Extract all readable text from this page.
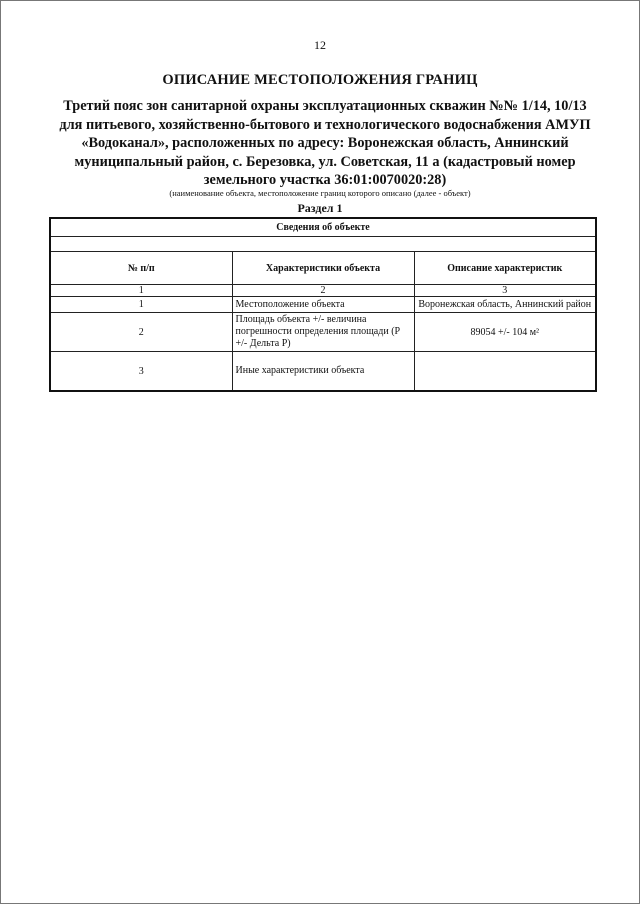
12
ОПИСАНИЕ МЕСТОПОЛОЖЕНИЯ ГРАНИЦ
Третий пояс зон санитарной охраны эксплуатационных скважин №№ 1/14, 10/13 для питьевого, хозяйственно-бытового и технологического водоснабжения АМУП «Водоканал», расположенных по адресу: Воронежская область, Аннинский муниципальный район, с. Березовка, ул. Советская, 11 а (кадастровый номер земельного участка 36:01:0070020:28)
(наименование объекта, местоположение границ которого описано (далее - объект)
Раздел 1
Сведения об объекте		

№ п/п	Характеристики объекта	Описание характеристик
1	2	3
1	Местоположение объекта	Воронежская область, Аннинский район
2	Площадь объекта +/- величина погрешности определения площади (Р +/- Дельта Р)	89054 +/- 104 м²
3	Иные характеристики объекта	
